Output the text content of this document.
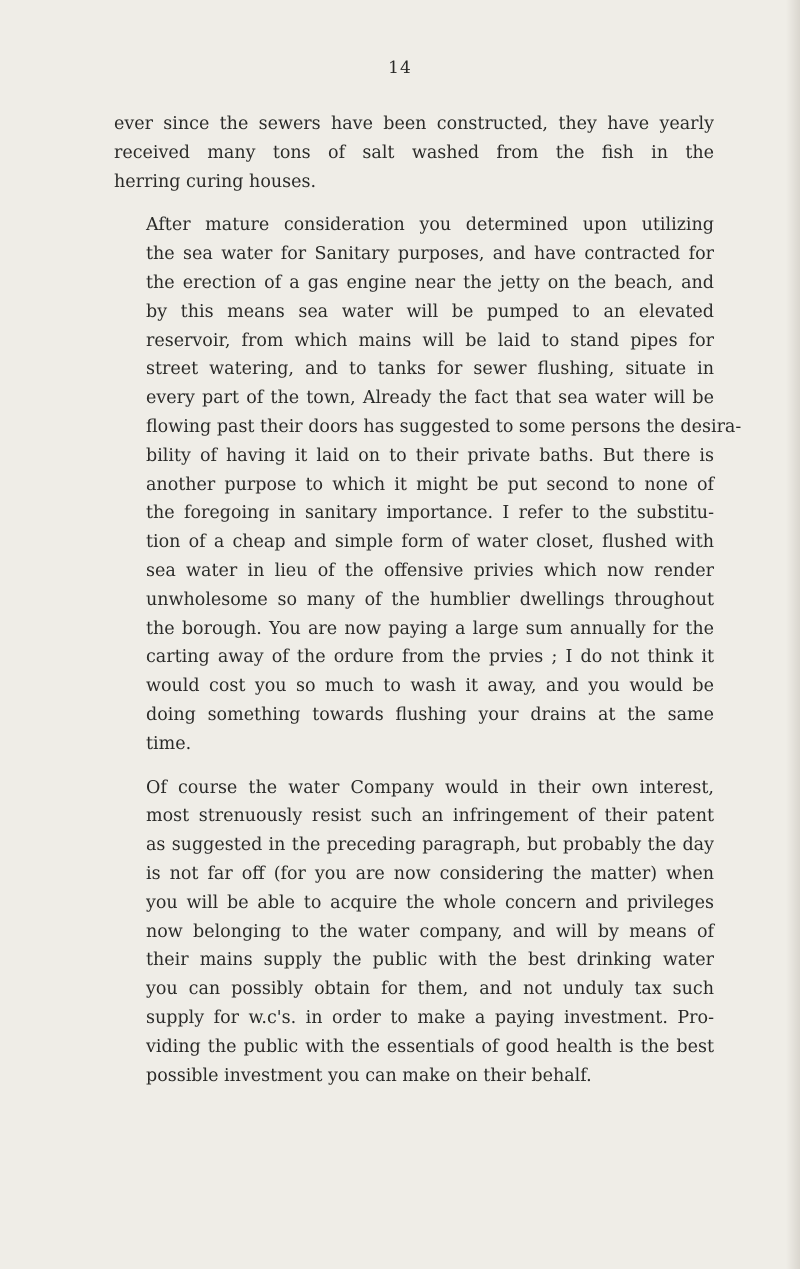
14

ever since the sewers have been constructed, they have yearly
received many tons of salt washed from the fish in the
herring curing houses.

After mature consideration you determined upon utilizing
the sea water for Sanitary purposes, and have contracted for
the erection of a gas engine near the jetty on the beach, and
by this means sea water will be pumped to an elevated
reservoir, from which mains will be laid to stand pipes for
street watering, and to tanks for sewer flushing, situate in
every part of the town, Already the fact that sea water will be
flowing past their doors has suggested to some persons the desira-
bility of having it laid on to their private baths. But there is
another purpose to which it might be put second to none of
the foregoing in sanitary importance. I refer to the substitu-
tion of a cheap and simple form of water closet, flushed with
sea water in lieu of the offensive privies which now render
unwholesome so many of the humblier dwellings throughout
the borough. You are now paying a large sum annually for the
carting away of the ordure from the prvies ; I do not think it
would cost you so much to wash it away, and you would be
doing something towards flushing your drains at the same
time.

Of course the water Company would in their own interest,
most strenuously resist such an infringement of their patent
as suggested in the preceding paragraph, but probably the day
is not far off (for you are now considering the matter) when
you will be able to acquire the whole concern and privileges
now belonging to the water company, and will by means of
their mains supply the public with the best drinking water
you can possibly obtain for them, and not unduly tax such
supply for w.c's. in order to make a paying investment. Pro-
viding the public with the essentials of good health is the best
possible investment you can make on their behalf.
